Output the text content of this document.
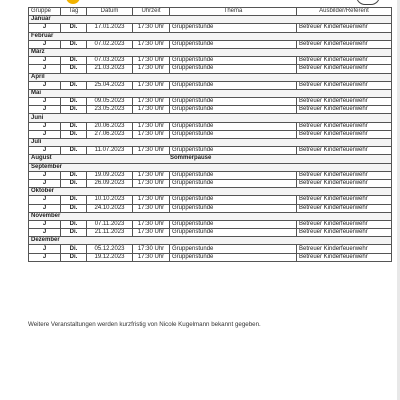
Gruppe	Tag	Datum	Uhrzeit	Thema	Ausbilder/Referent
Januar					
J	Di.	17.01.2023	17:30 Uhr	Gruppenstunde	Betreuer Kinderfeuerwehr
Februar					
J	Di.	07.02.2023	17:30 Uhr	Gruppenstunde	Betreuer Kinderfeuerwehr
März					
J	Di.	07.03.2023	17:30 Uhr	Gruppenstunde	Betreuer Kinderfeuerwehr
J	Di.	21.03.2023	17:30 Uhr	Gruppenstunde	Betreuer Kinderfeuerwehr
April					
J	Di.	25.04.2023	17:30 Uhr	Gruppenstunde	Betreuer Kinderfeuerwehr
Mai					
J	Di.	09.05.2023	17:30 Uhr	Gruppenstunde	Betreuer Kinderfeuerwehr
J	Di.	23.05.2023	17:30 Uhr	Gruppenstunde	Betreuer Kinderfeuerwehr
Juni					
J	Di.	20.06.2023	17:30 Uhr	Gruppenstunde	Betreuer Kinderfeuerwehr
J	Di.	27.06.2023	17:30 Uhr	Gruppenstunde	Betreuer Kinderfeuerwehr
Juli					
J	Di.	11.07.2023	17:30 Uhr	Gruppenstunde	Betreuer Kinderfeuerwehr
August Sommerpause					
September					
J	Di.	19.09.2023	17:30 Uhr	Gruppenstunde	Betreuer Kinderfeuerwehr
J	Di.	26.09.2023	17:30 Uhr	Gruppenstunde	Betreuer Kinderfeuerwehr
Oktober					
J	Di.	10.10.2023	17:30 Uhr	Gruppenstunde	Betreuer Kinderfeuerwehr
J	Di.	24.10.2023	17:30 Uhr	Gruppenstunde	Betreuer Kinderfeuerwehr
November					
J	Di.	07.11.2023	17:30 Uhr	Gruppenstunde	Betreuer Kinderfeuerwehr
J	Di.	21.11.2023	17:30 Uhr	Gruppenstunde	Betreuer Kinderfeuerwehr
Dezember					
J	Di.	05.12.2023	17:30 Uhr	Gruppenstunde	Betreuer Kinderfeuerwehr
J	Di.	19.12.2023	17:30 Uhr	Gruppenstunde	Betreuer Kinderfeuerwehr
Weitere Veranstaltungen werden kurzfristig von Nicole Kugelmann bekannt gegeben.
